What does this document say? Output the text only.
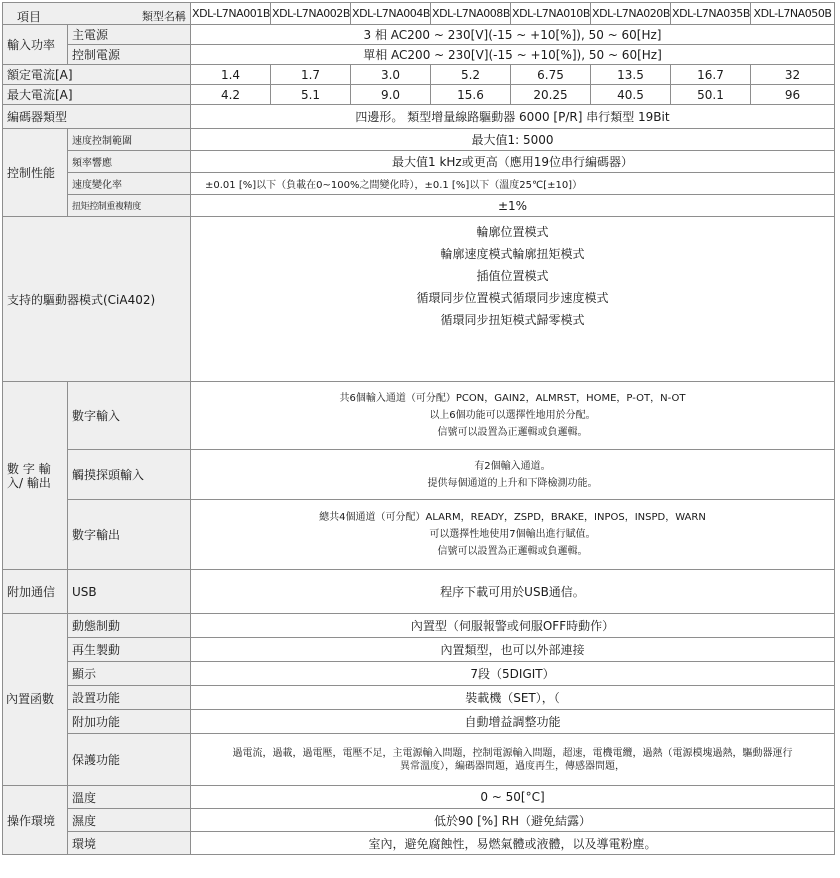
項目 類型名稱		XDL-L7NA001B	XDL-L7NA002B	XDL-L7NA004B	XDL-L7NA008B	XDL-L7NA010B	XDL-L7NA020B	XDL-L7NA035B	XDL-L7NA050B
輸入功率	主電源	3 相 AC200 ~ 230[V](-15 ~ +10[%]), 50 ~ 60[Hz]							
	控制電源	單相 AC200 ~ 230[V](-15 ~ +10[%]), 50 ~ 60[Hz]							
額定電流[A]		1.4	1.7	3.0	5.2	6.75	13.5	16.7	32
最大電流[A]		4.2	5.1	9.0	15.6	20.25	40.5	50.1	96
編碼器類型		四邊形。 類型增量線路驅動器 6000 [P/R] 串行類型 19Bit							
控制性能	速度控制範圍	最大值1: 5000							
	頻率響應	最大值1 kHz或更高（應用19位串行編碼器）							
	速度變化率	±0.01 [%]以下（負載在0~100%之間變化時），±0.1 [%]以下（溫度25℃[±10]）							
	扭矩控制重複精度	±1%							
支持的驅動器模式(CiA402)		輪廓位置模式
輪廓速度模式輪廓扭矩模式
插值位置模式
循環同步位置模式循環同步速度模式
循環同步扭矩模式歸零模式							

數 字 輸 入/ 輸出	數字輸入	共6個輸入通道（可分配）PCON，GAIN2，ALMRST，HOME，P-OT，N-OT
以上6個功能可以選擇性地用於分配。
信號可以設置為正邏輯或負邏輯。							

	觸摸探頭輸入	有2個輸入通道。
提供每個通道的上升和下降檢測功能。							

	數字輸出	總共4個通道（可分配）ALARM，READY，ZSPD，BRAKE，INPOS，INSPD，WARN
可以選擇性地使用7個輸出進行賦值。
信號可以設置為正邏輯或負邏輯。							

附加通信	USB	程序下載可用於USB通信。							
內置函數	動態制動	內置型（伺服報警或伺服OFF時動作）							
	再生製動	內置類型，也可以外部連接							
	顯示	7段（5DIGIT）							
	設置功能	裝載機（SET），（							
	附加功能	自動增益調整功能							
	保護功能	過電流，過載，過電壓，電壓不足，主電源輸入問題，控制電源輸入問題，超速，電機電纜，過熱（電源模塊過熱，驅動器運行異常溫度），編碼器問題，過度再生，傳感器問題，							
操作環境	溫度	0 ~ 50[°C]							
	濕度	低於90 [%] RH（避免結露）							
	環境	室內，避免腐蝕性，易燃氣體或液體，以及導電粉塵。							
